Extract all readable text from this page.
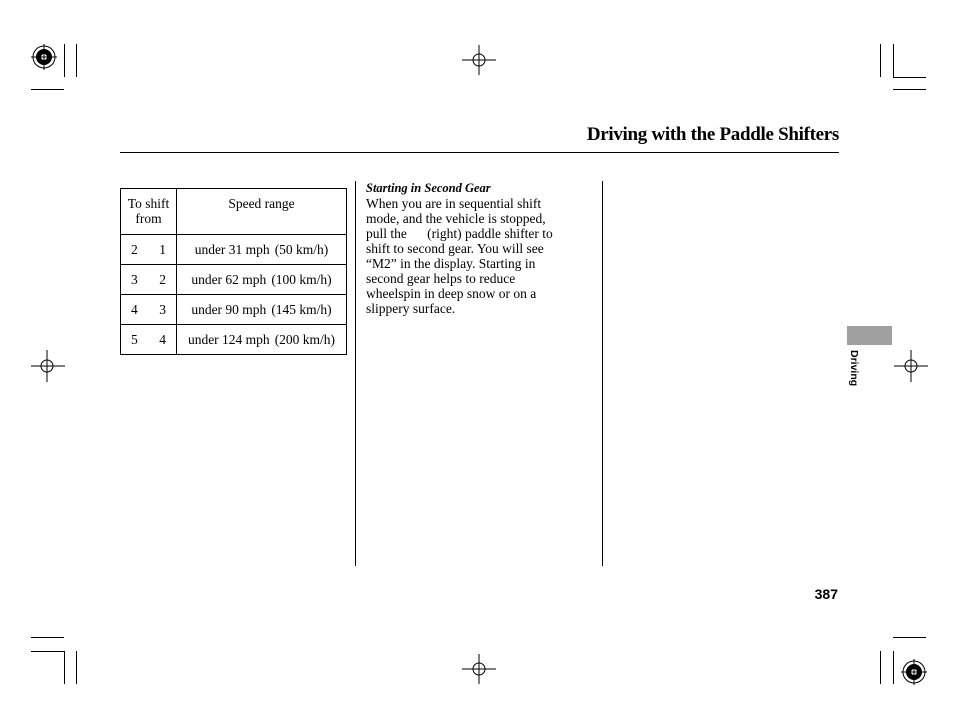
Driving with the Paddle Shifters
To shift from	Speed range

2 1	under 31 mph (50 km/h)

3 2	under 62 mph (100 km/h)

4 3	under 90 mph (145 km/h)

5 4	under 124 mph (200 km/h)

Starting in Second Gear

When you are in sequential shift

mode, and the vehicle is stopped,

pull the      (right) paddle shifter to

shift to second gear. You will see

“M2” in the display. Starting in

second gear helps to reduce

wheelspin in deep snow or on a

slippery surface.

Driving
387
